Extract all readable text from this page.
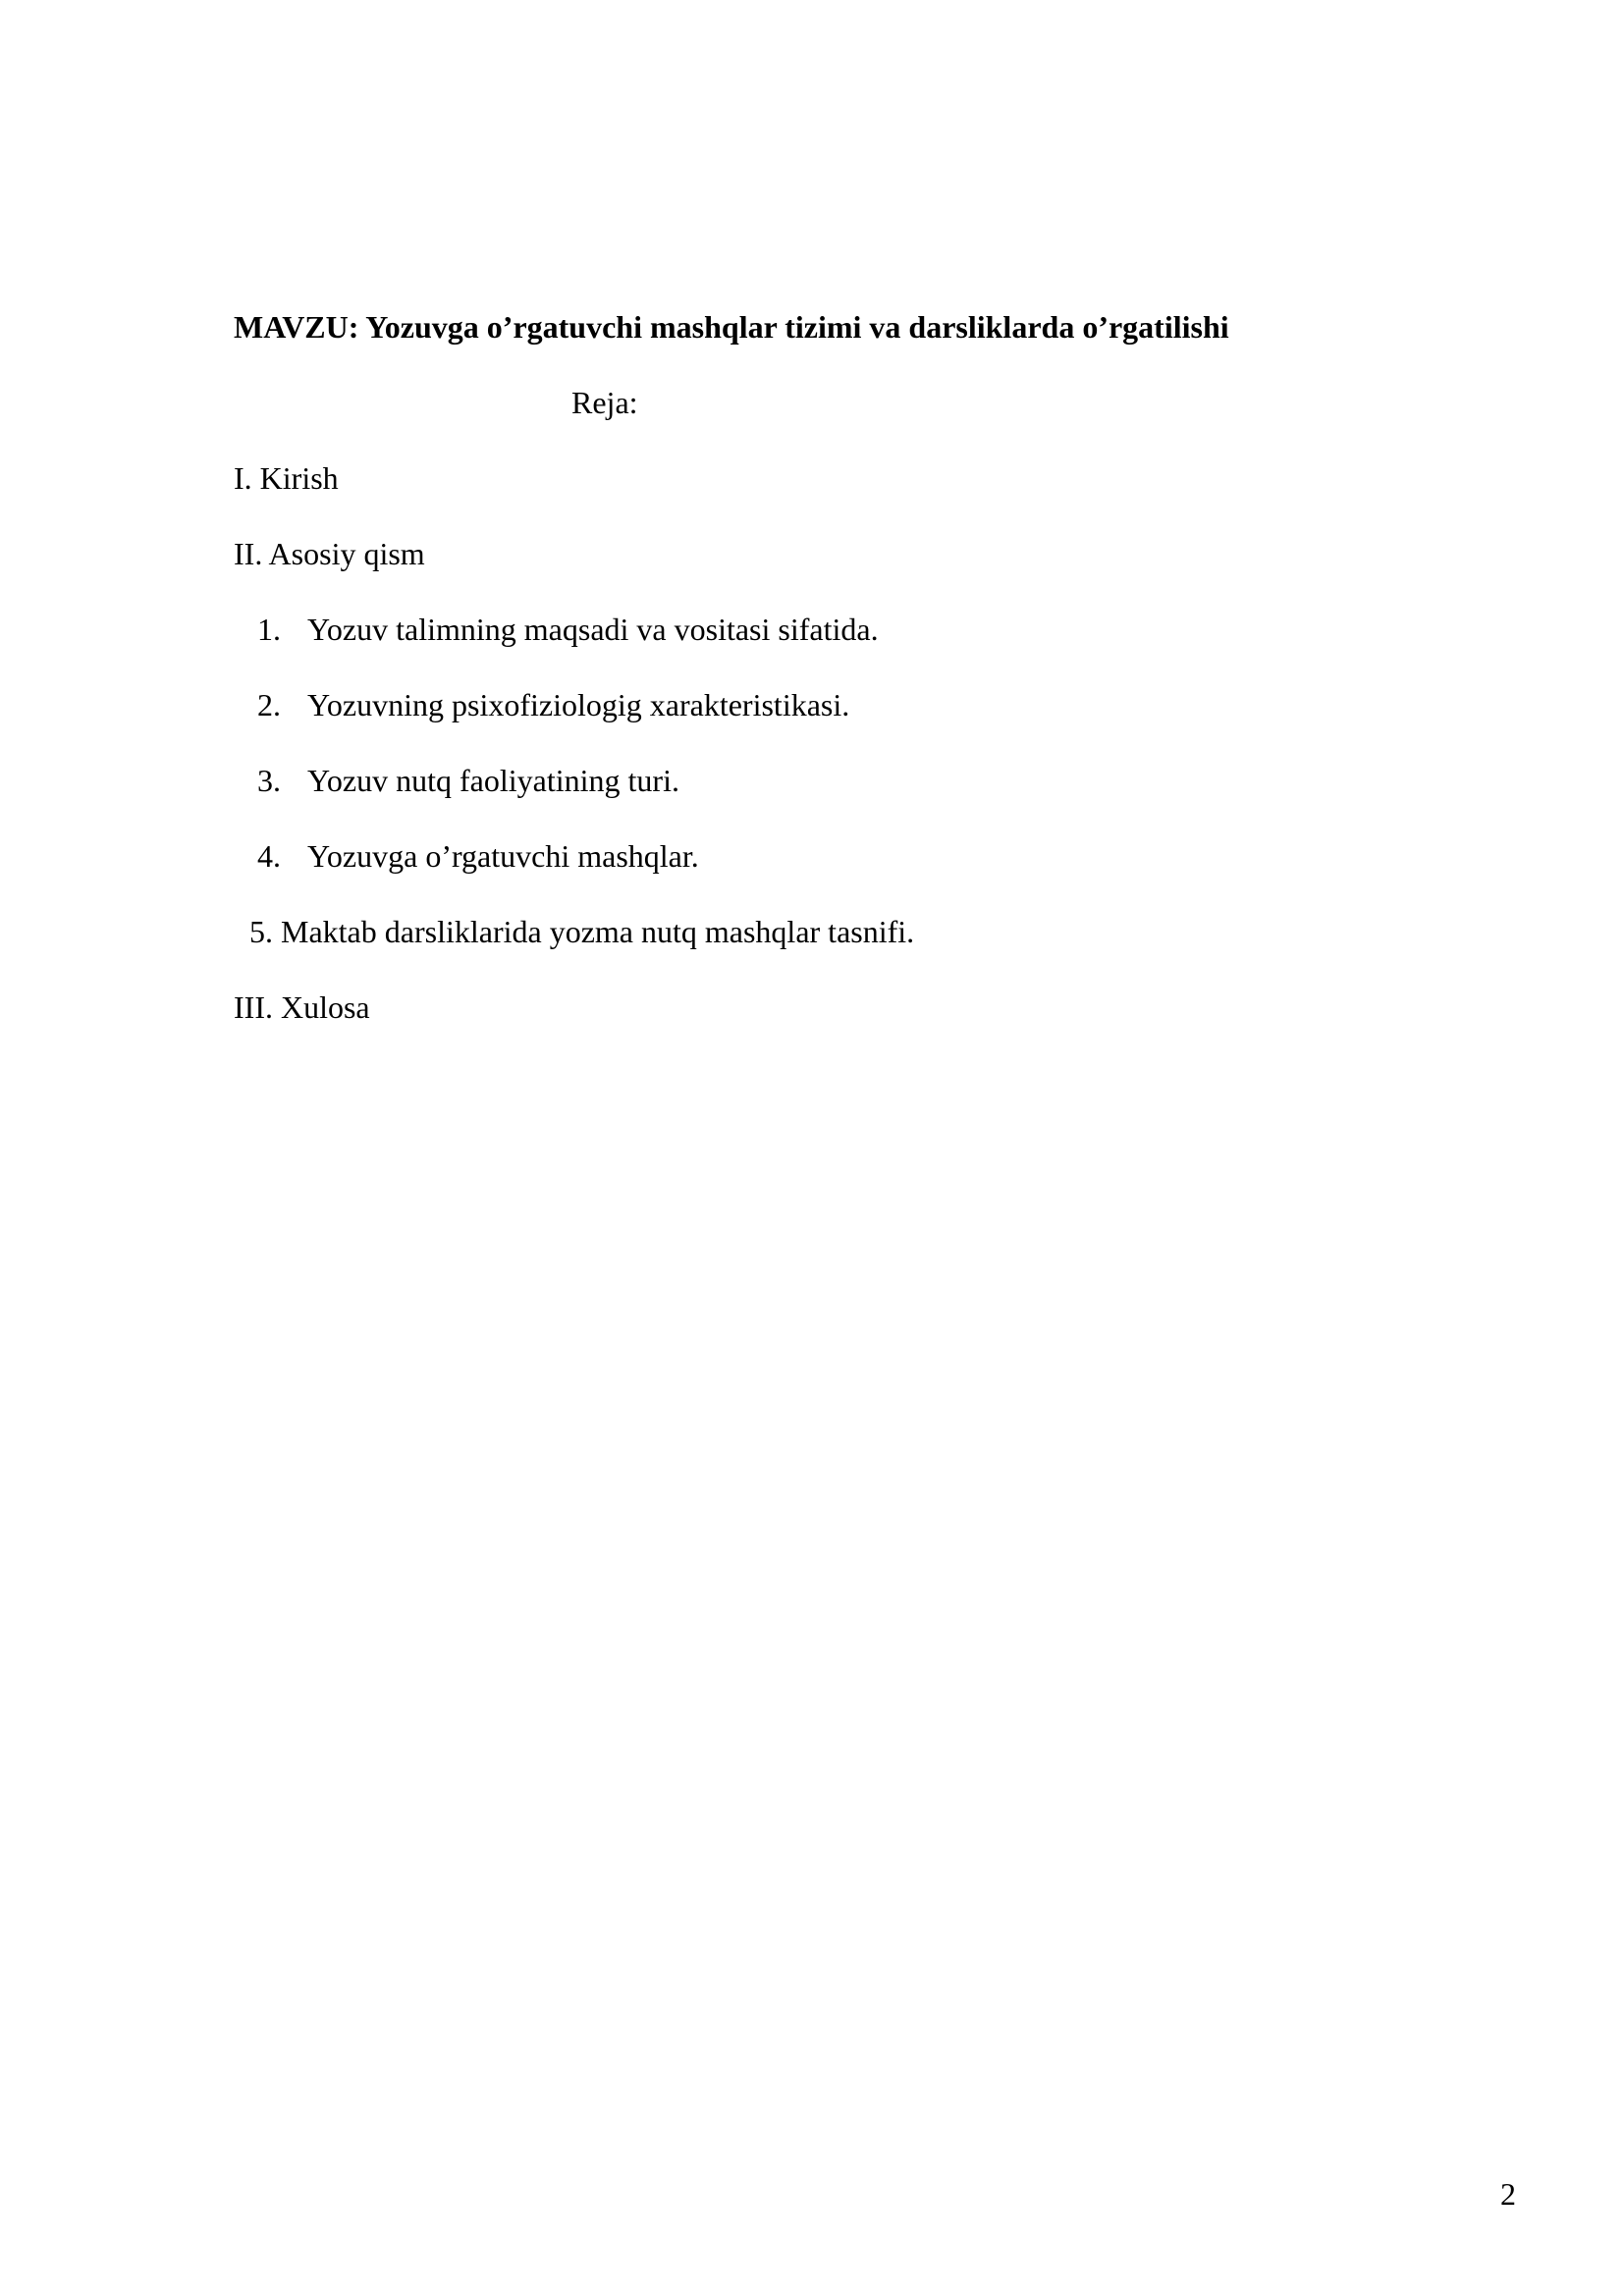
MAVZU: Yozuvga o’rgatuvchi mashqlar tizimi va darsliklarda o’rgatilishi
Reja:
I. Kirish
II. Asosiy qism
1. Yozuv talimning maqsadi va vositasi sifatida.
2. Yozuvning psixofiziologig xarakteristikasi.
3. Yozuv nutq faoliyatining turi.
4. Yozuvga o’rgatuvchi mashqlar.
5. Maktab darsliklarida yozma nutq mashqlar tasnifi.
III. Xulosa
2
